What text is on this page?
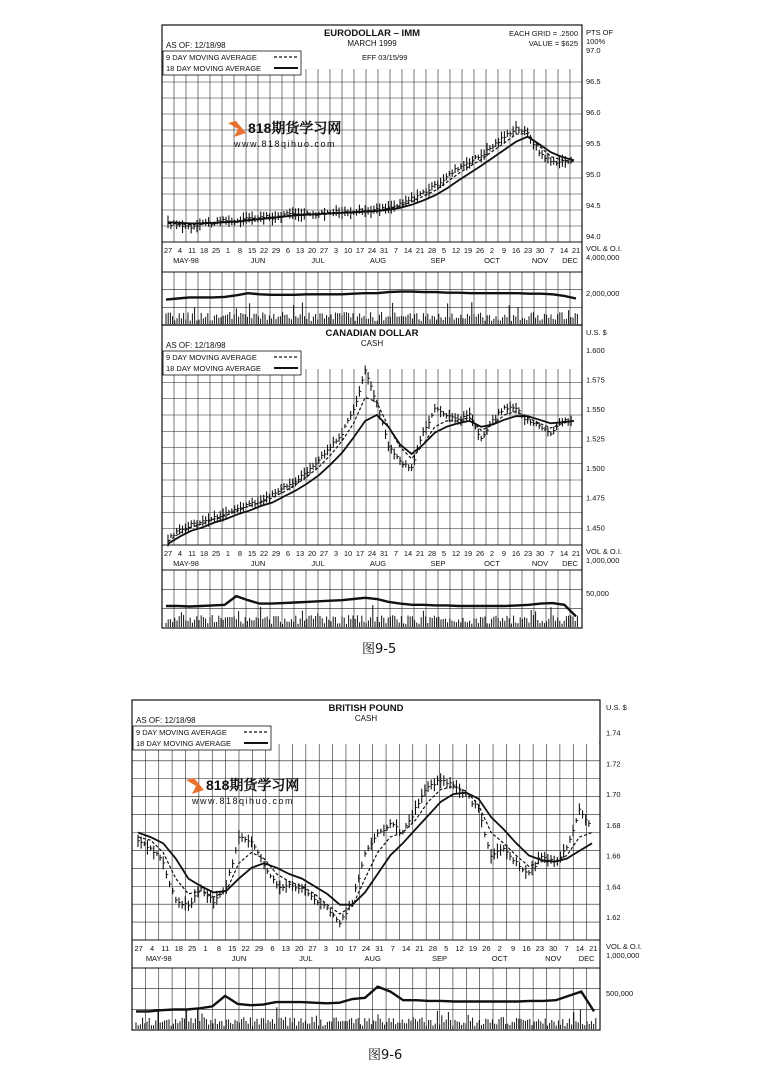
EURODOLLAR – IMM
MARCH 1999
AS OF: 12/18/98
EFF 03/15/99
EACH GRID = .2500
VALUE = $625
9 DAY MOVING AVERAGE
18 DAY MOVING AVERAGE
PTS OF
100%
97.0
96.5
96.0
95.5
95.0
94.5
94.0
27 4 11 18 25 1 8 15 22 29 6 13 20 27 3 10 17 24 31 7 14 21 28 5 12 19 26 2 9 16 23 30 7 14 21
MAY-98	JUN	JUL	AUG	SEP	OCT	NOV DEC
VOL & O.I.
4,000,000
2,000,000
CANADIAN DOLLAR
CASH
AS OF: 12/18/98
9 DAY MOVING AVERAGE
18 DAY MOVING AVERAGE
U.S. $
1.600
1.575
1.550
1.525
1.500
1.475
1.450
27 4 11 18 25 1 8 15 22 29 6 13 20 27 3 10 17 24 31 7 14 21 28 5 12 19 26 2 9 16 23 30 7 14 21
MAY-98	JUN	JUL	AUG	SEP	OCT	NOV DEC
VOL & O.I.
1,000,000
50,000
BRITISH POUND
CASH
AS OF: 12/18/98
9 DAY MOVING AVERAGE
18 DAY MOVING AVERAGE
U.S. $
1.74
1.72
1.70
1.68
1.66
1.64
1.62
27 4 11 18 25 1 8 15 22 29 6 13 20 27 3 10 17 24 31 7 14 21 28 5 12 19 26 2 9 16 23 30 7 14 21
MAY-98	JUN	JUL	AUG	SEP	OCT	NOV DEC
VOL & O.I.
1,000,000
500,000
818期货学习网
www.818qihuo.com
818期货学习网
www.818qihuo.com
图9-5
图9-6
